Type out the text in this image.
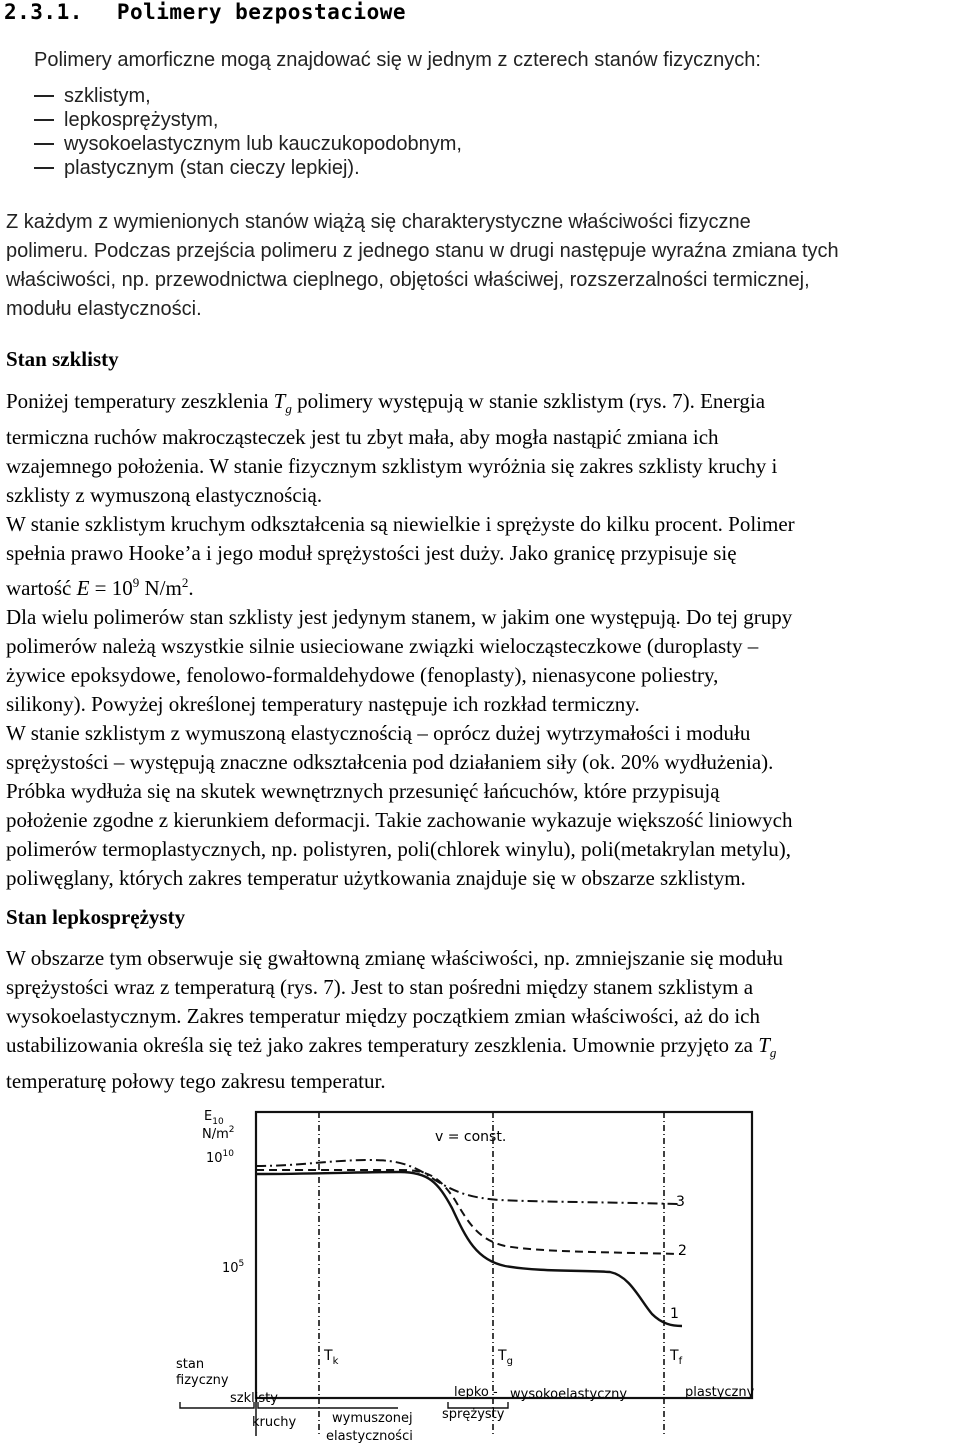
2.3.1. Polimery bezpostaciowe
Polimery amorficzne mogą znajdować się w jednym z czterech stanów fizycznych:
szklistym,
lepkosprężystym,
wysokoelastycznym lub kauczukopodobnym,
plastycznym (stan cieczy lepkiej).
Z każdym z wymienionych stanów wiążą się charakterystyczne właściwości fizyczne
polimeru. Podczas przejścia polimeru z jednego stanu w drugi następuje wyraźna zmiana tych
właściwości, np. przewodnictwa cieplnego, objętości właściwej, rozszerzalności termicznej,
modułu elastyczności.
Stan szklisty
Poniżej temperatury zeszklenia $T_g$ polimery występują w stanie szklistym (rys. 7). Energia
termiczna ruchów makrocząsteczek jest tu zbyt mała, aby mogła nastąpić zmiana ich
wzajemnego położenia. W stanie fizycznym szklistym wyróżnia się zakres szklisty kruchy i
szklisty z wymuszoną elastycznością.
W stanie szklistym kruchym odkształcenia są niewielkie i sprężyste do kilku procent. Polimer
spełnia prawo Hooke’a i jego moduł sprężystości jest duży. Jako granicę przypisuje się
wartość $E = 10^9$ $N/m^2$.
Dla wielu polimerów stan szklisty jest jedynym stanem, w jakim one występują. Do tej grupy
polimerów należą wszystkie silnie usieciowane związki wielocząsteczkowe (duroplasty –
żywice epoksydowe, fenolowo-formaldehydowe (fenoplasty), nienasycone poliestry,
silikony). Powyżej określonej temperatury następuje ich rozkład termiczny.
W stanie szklistym z wymuszoną elastycznością – oprócz dużej wytrzymałości i modułu
sprężystości – występują znaczne odkształcenia pod działaniem siły (ok. 20% wydłużenia).
Próbka wydłuża się na skutek wewnętrznych przesunięć łańcuchów, które przypisują
położenie zgodne z kierunkiem deformacji. Takie zachowanie wykazuje większość liniowych
polimerów termoplastycznych, np. polistyren, poli(chlorek winylu), poli(metakrylan metylu),
poliwęglany, których zakres temperatur użytkowania znajduje się w obszarze szklistym.
Stan lepkosprężysty
W obszarze tym obserwuje się gwałtowną zmianę właściwości, np. zmniejszanie się modułu
sprężystości wraz z temperaturą (rys. 7). Jest to stan pośredni między stanem szklistym a
wysokoelastycznym. Zakres temperatur między początkiem zmian właściwości, aż do ich
ustabilizowania określa się też jako zakres temperatury zeszklenia. Umownie przyjęto za $T_g$
temperaturę połowy tego zakresu temperatur.
$E_{10}$
$N/m^2$
$10^{10}$
$10^5$
v = const.
3
2
1
$T_k$	$T_g$	$T_f$
stan
fizyczny
szklisty
kruchy	wymuszonej
elastyczności
lepko -
sprężysty
wysokoelastyczny	plastyczny
